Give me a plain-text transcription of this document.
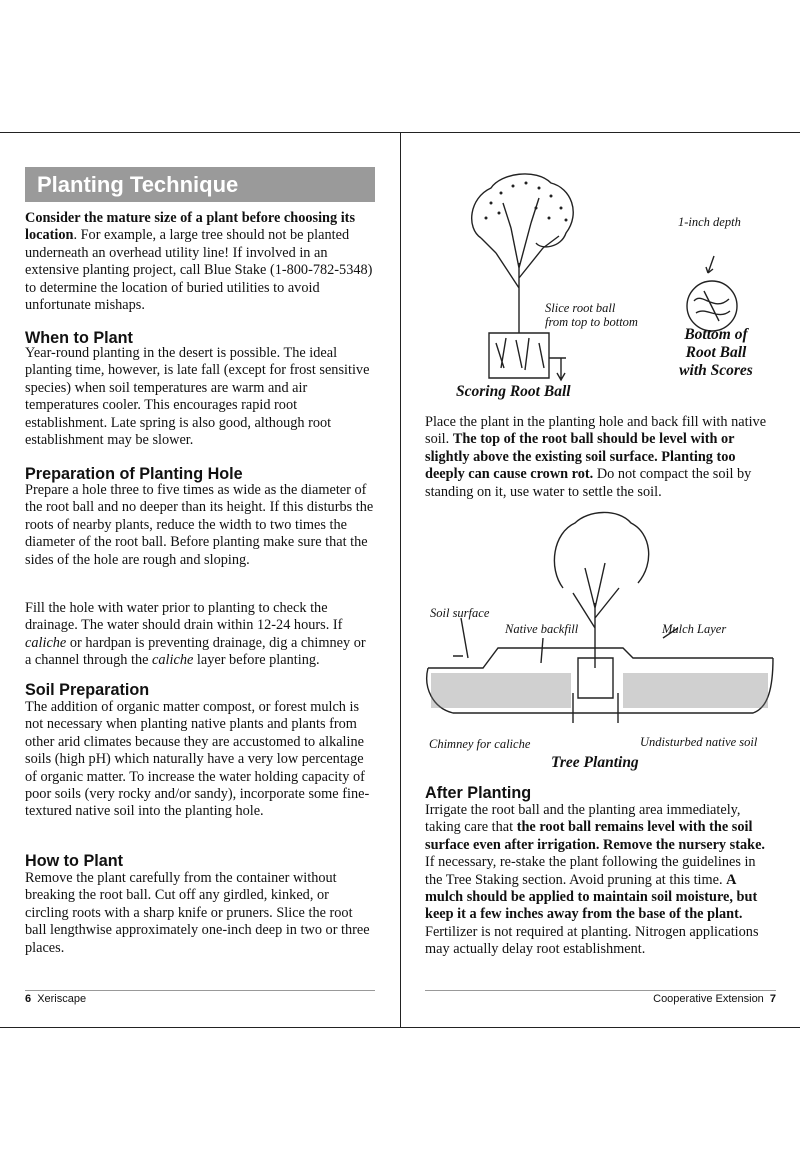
Planting Technique

Consider the mature size of a plant before choosing its location. For example, a large tree should not be planted underneath an overhead utility line! If involved in an extensive planting project, call Blue Stake (1-800-782-5348) to determine the location of buried utilities to avoid unfortunate mishaps.

When to Plant

Year-round planting in the desert is possible. The ideal planting time, however, is late fall (except for frost sensitive species) when soil temperatures are warm and air temperatures cooler. This encourages rapid root establishment. Late spring is also good, although root establishment may be slower.

Preparation of Planting Hole

Prepare a hole three to five times as wide as the diameter of the root ball and no deeper than its height. If this disturbs the roots of nearby plants, reduce the width to two times the diameter of the root ball. Before planting make sure that the sides of the hole are rough and sloping.

Fill the hole with water prior to planting to check the drainage. The water should drain within 12-24 hours. If caliche or hardpan is preventing drainage, dig a chimney or a channel through the caliche layer before planting.

Soil Preparation

The addition of organic matter compost, or forest mulch is not necessary when planting native plants and plants from other arid climates because they are accustomed to alkaline soils (high pH) which naturally have a very low percentage of organic matter. To increase the water holding capacity of poor soils (very rocky and/or sandy), incorporate some fine-textured native soil into the planting hole.

How to Plant

Remove the plant carefully from the container without breaking the root ball. Cut off any girdled, kinked, or circling roots with a sharp knife or pruners. Slice the root ball lengthwise approximately one-inch deep in two or three places.

6 Xeriscape
1-inch depth
Slice root ball
from top to bottom
Bottom of
Root Ball
with Scores
Scoring Root Ball

Place the plant in the planting hole and back fill with native soil. The top of the root ball should be level with or slightly above the existing soil surface. Planting too deeply can cause crown rot. Do not compact the soil by standing on it, use water to settle the soil.

Soil surface
Native backfill	Mulch Layer
Chimney for caliche	Undisturbed native soil
Tree Planting
After Planting

Irrigate the root ball and the planting area immediately, taking care that the root ball remains level with the soil surface even after irrigation. Remove the nursery stake. If necessary, re-stake the plant following the guidelines in the Tree Staking section. Avoid pruning at this time. A mulch should be applied to maintain soil moisture, but keep it a few inches away from the base of the plant. Fertilizer is not required at planting. Nitrogen applications may actually delay root establishment.

Cooperative Extension 7
